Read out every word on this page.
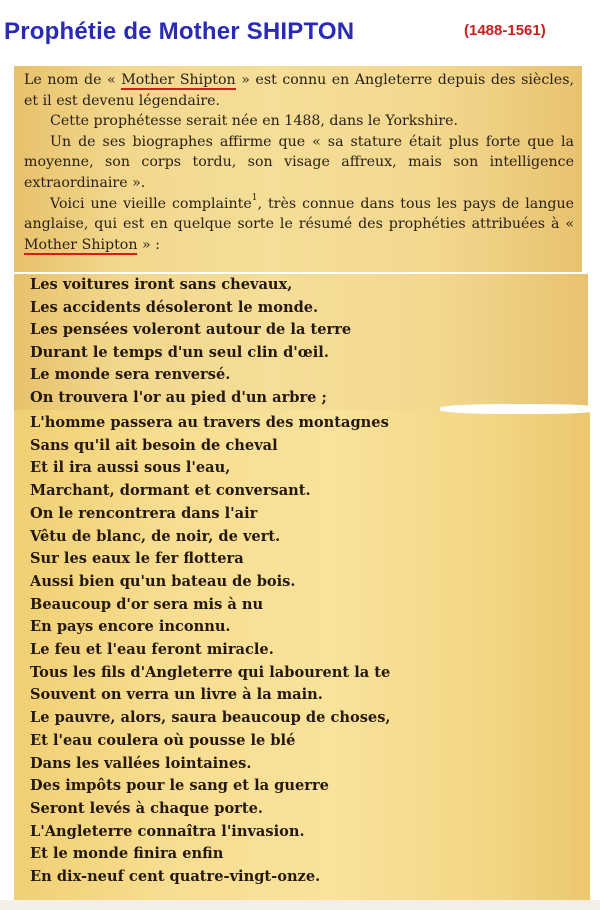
Prophétie de Mother SHIPTON	(1488-1561)

Le nom de « Mother Shipton » est connu en Angleterre depuis des siècles, et il est devenu légendaire.

Cette prophétesse serait née en 1488, dans le Yorkshire.

Un de ses biographes affirme que « sa stature était plus forte que la moyenne, son corps tordu, son visage affreux, mais son intelligence extraordinaire ».

Voici une vieille complainte$^1$, très connue dans tous les pays de langue anglaise, qui est en quelque sorte le résumé des prophéties attribuées à « Mother Shipton » :

Les voitures iront sans chevaux,
Les accidents désoleront le monde.
Les pensées voleront autour de la terre
Durant le temps d'un seul clin d'œil.
Le monde sera renversé.
On trouvera l'or au pied d'un arbre ;
L'homme passera au travers des montagnes
Sans qu'il ait besoin de cheval
Et il ira aussi sous l'eau,
Marchant, dormant et conversant.
On le rencontrera dans l'air
Vêtu de blanc, de noir, de vert.
Sur les eaux le fer flottera
Aussi bien qu'un bateau de bois.
Beaucoup d'or sera mis à nu
En pays encore inconnu.
Le feu et l'eau feront miracle.
Tous les fils d'Angleterre qui labourent la te
Souvent on verra un livre à la main.
Le pauvre, alors, saura beaucoup de choses,
Et l'eau coulera où pousse le blé
Dans les vallées lointaines.
Des impôts pour le sang et la guerre
Seront levés à chaque porte.
L'Angleterre connaîtra l'invasion.
Et le monde finira enfin
En dix-neuf cent quatre-vingt-onze.
